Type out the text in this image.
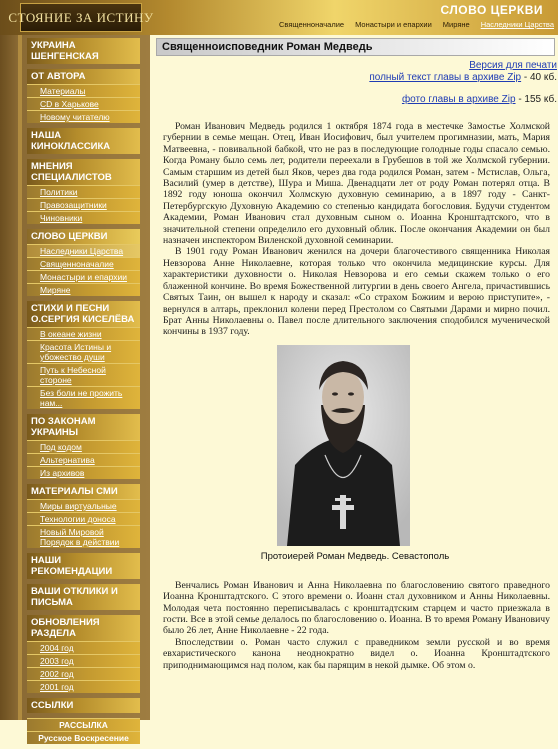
СТОЯНИЕ ЗА ИСТИНУ	СЛОВО ЦЕРКВИ
Священноначалие Монастыри и епархии Миряне Наследники Царства
УКРАИНА ШЕНГЕНСКАЯ
ОТ АВТОРА
Материалы
CD в Харькове
Новому читателю
НАША КИНОКЛАССИКА
МНЕНИЯ СПЕЦИАЛИСТОВ
Политики
Правозащитники
Чиновники
СЛОВО ЦЕРКВИ
Наследники Царства
Священноначалие
Монастыри и епархии
Миряне
СТИХИ И ПЕСНИ О.СЕРГИЯ КИСЕЛЁВА
В океане жизни
Красота Истины и убожество души
Путь к Небесной стороне
Без боли не прожить нам...
ПО ЗАКОНАМ УКРАИНЫ
Под кодом
Альтернатива
Из архивов
МАТЕРИАЛЫ СМИ
Миры виртуальные
Технологии доноса
Новый Мировой Порядок в действии
НАШИ РЕКОМЕНДАЦИИ
ВАШИ ОТКЛИКИ И ПИСЬМА
ОБНОВЛЕНИЯ РАЗДЕЛА
2004 год
2003 год
2002 год
2001 год
ССЫЛКИ
РАССЫЛКА
Русское Воскресение
Священноисповедник Роман Медведь
Версия для печати
полный текст главы в архиве Zip - 40 кб.
фото главы в архиве Zip - 155 кб.

Роман Иванович Медведь родился 1 октября 1874 года в местечке Замостье Холмской губернии в семье мещан. Отец, Иван Иосифович, был учителем прогимназии, мать, Мария Матвеевна, - повивальной бабкой, что не раз в последующие голодные годы спасало семью. Когда Роману было семь лет, родители переехали в Грубешов в той же Холмской губернии. Самым старшим из детей был Яков, через два года родился Роман, затем - Мстислав, Ольга, Василий (умер в детстве), Шура и Миша. Двенадцати лет от роду Роман потерял отца. В 1892 году юноша окончил Холмскую духовную семинарию, а в 1897 году - Санкт-Петербургскую Духовную Академию со степенью кандидата богословия. Будучи студентом Академии, Роман Иванович стал духовным сыном о. Иоанна Кронштадтского, что в значительной степени определило его духовный облик. После окончания Академии он был назначен инспектором Виленской духовной семинарии.

В 1901 году Роман Иванович женился на дочери благочестивого священника Николая Невзорова Анне Николаевне, которая только что окончила медицинские курсы. Для характеристики духовности о. Николая Невзорова и его семьи скажем только о его блаженной кончине. Во время Божественной литургии в день своего Ангела, причастившись Святых Таин, он вышел к народу и сказал: «Со страхом Божиим и верою приступите», - вернулся в алтарь, преклонил колени перед Престолом со Святыми Дарами и мирно почил. Брат Анны Николаевны о. Павел после длительного заключения сподобился мученической кончины в 1937 году.

Протоиерей Роман Медведь. Севастополь

Венчались Роман Иванович и Анна Николаевна по благословению святого праведного Иоанна Кронштадтского. С этого времени о. Иоанн стал духовником и Анны Николаевны. Молодая чета постоянно переписывалась с кронштадтским старцем и часто приезжала в гости. Все в этой семье делалось по благословению о. Иоанна. В то время Роману Ивановичу было 26 лет, Анне Николаевне - 22 года.

Впоследствии о. Роман часто служил с праведником земли русской и во время евхаристического канона неоднократно видел о. Иоанна Кронштадтского приподнимающимся над полом, как бы парящим в некой дымке. Об этом о.
